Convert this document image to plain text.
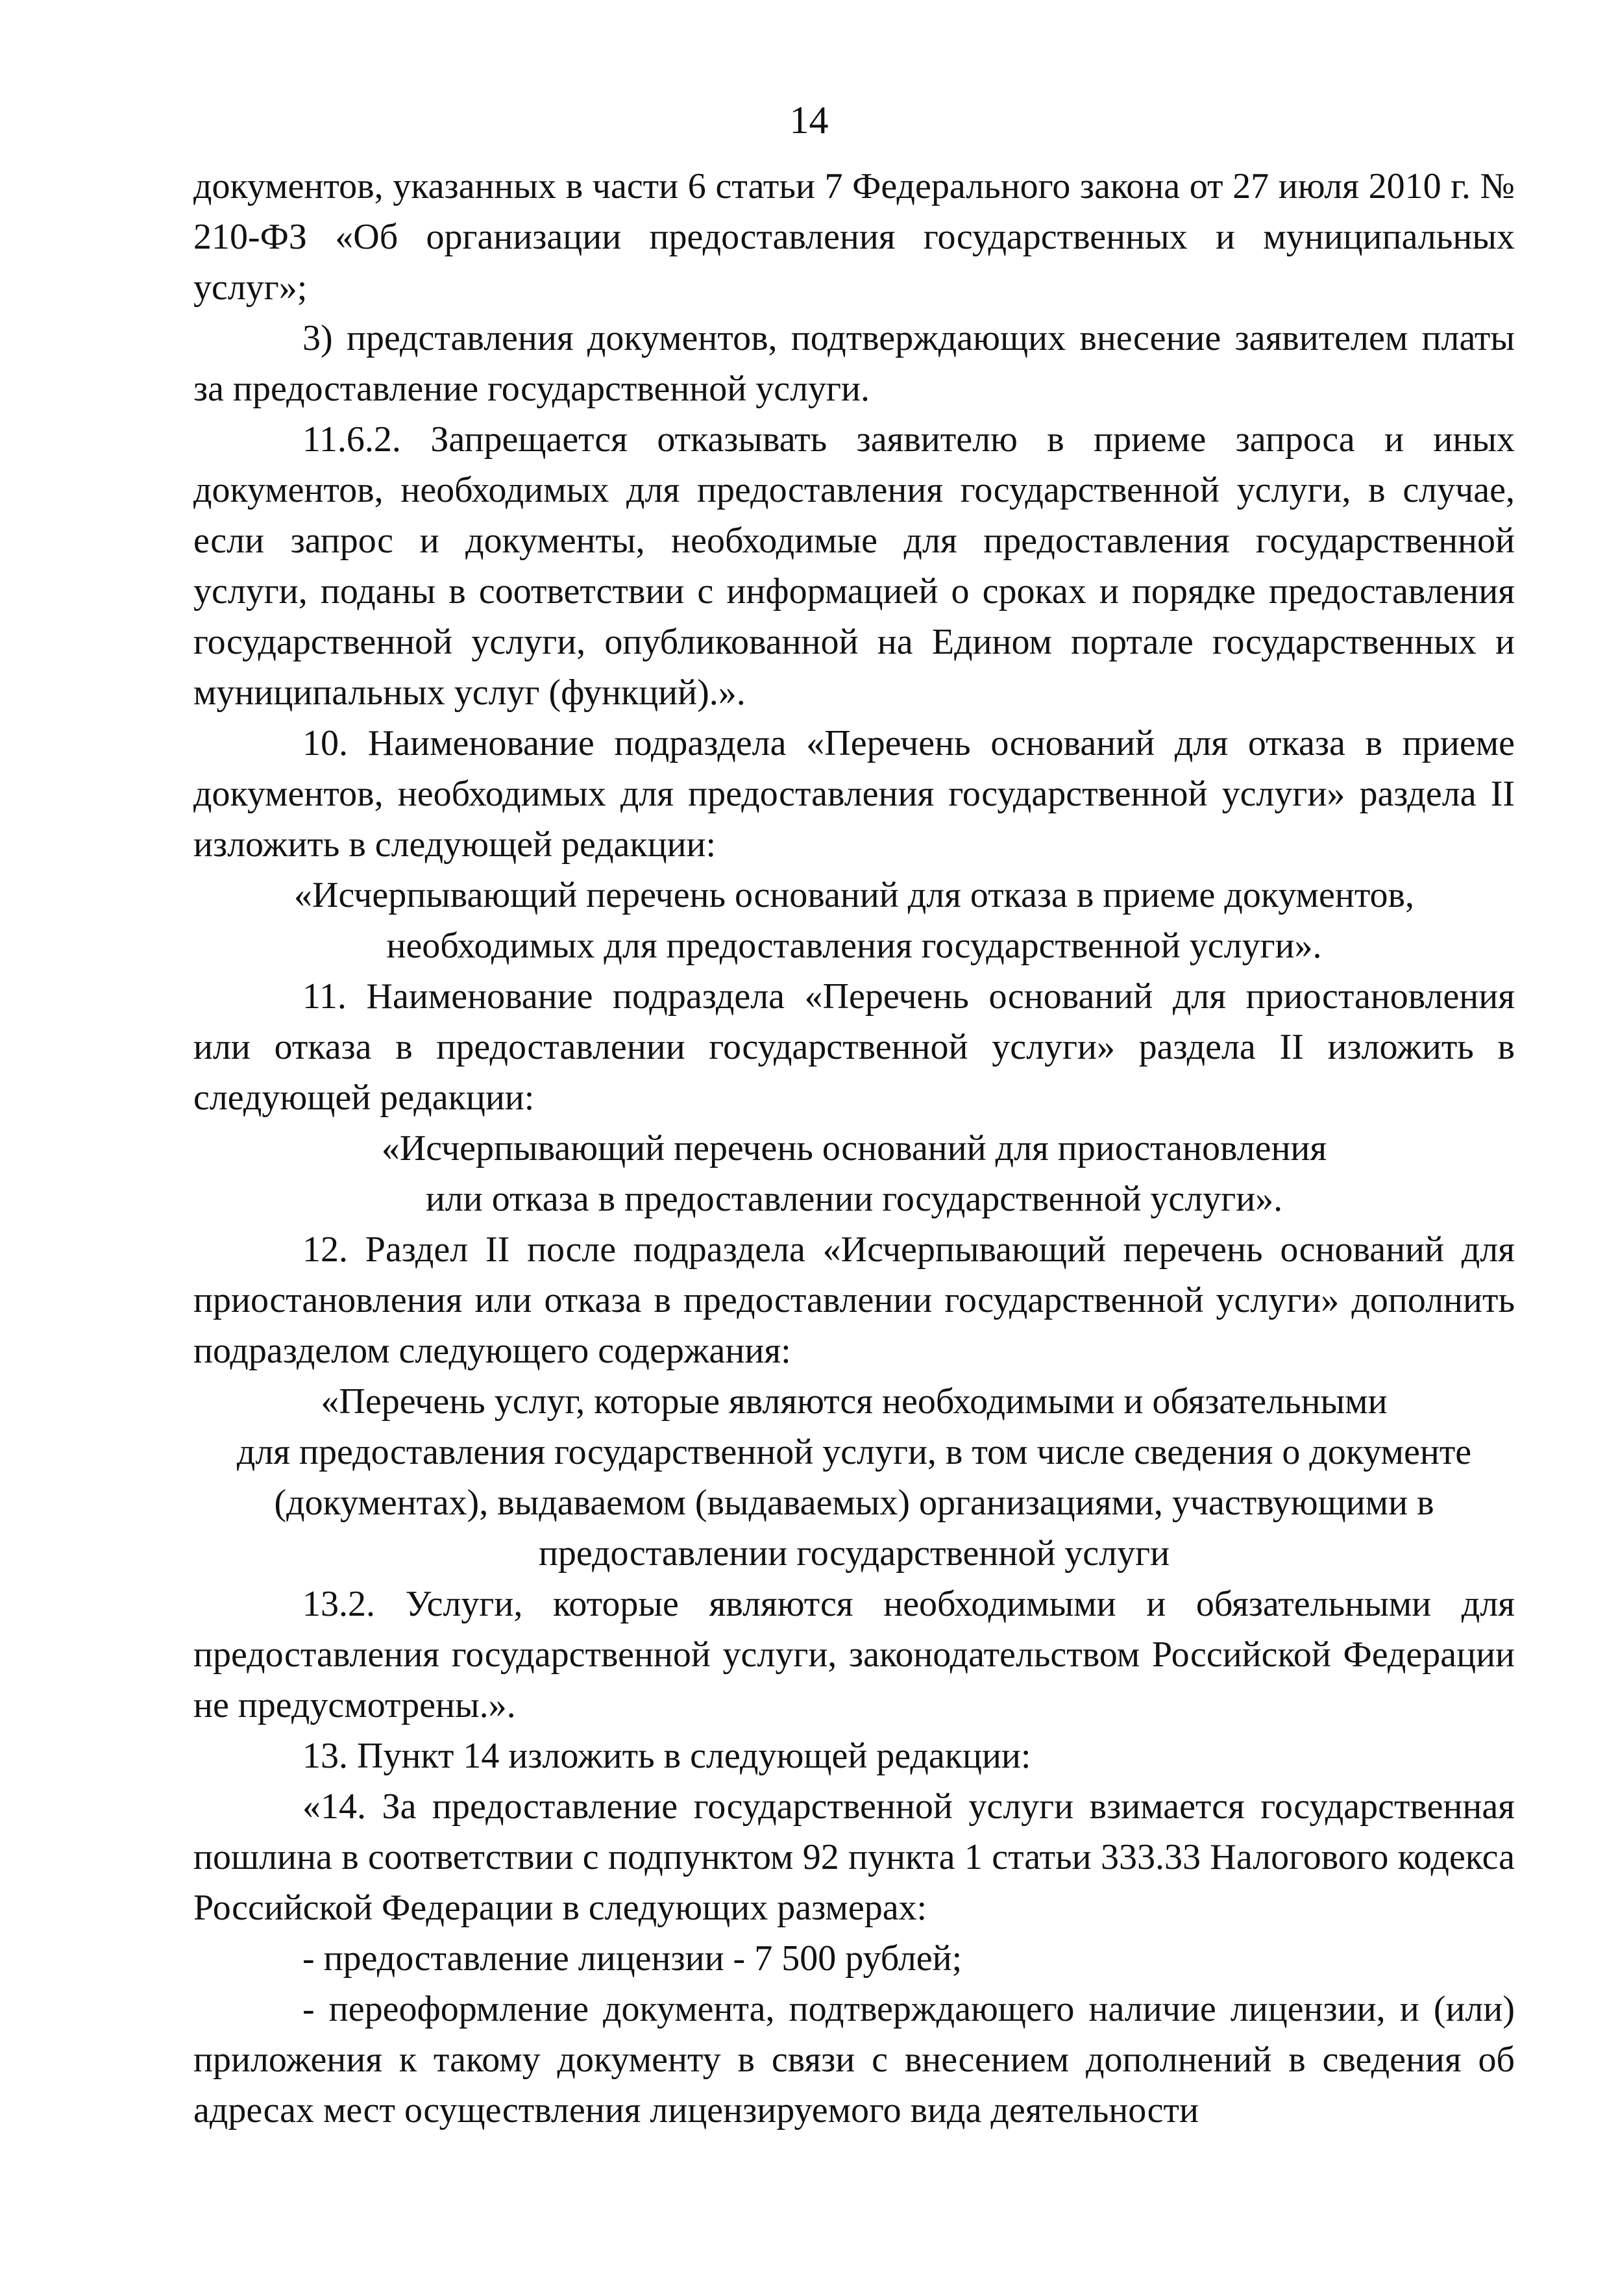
14

документов, указанных в части 6 статьи 7 Федерального закона от 27 июля 2010 г. № 210-ФЗ «Об организации предоставления государственных и муниципальных услуг»;

3) представления документов, подтверждающих внесение заявителем платы за предоставление государственной услуги.

11.6.2. Запрещается отказывать заявителю в приеме запроса и иных документов, необходимых для предоставления государственной услуги, в случае, если запрос и документы, необходимые для предоставления государственной услуги, поданы в соответствии с информацией о сроках и порядке предоставления государственной услуги, опубликованной на Едином портале государственных и муниципальных услуг (функций).».

10. Наименование подраздела «Перечень оснований для отказа в приеме документов, необходимых для предоставления государственной услуги» раздела II изложить в следующей редакции:

«Исчерпывающий перечень оснований для отказа в приеме документов,
необходимых для предоставления государственной услуги».

11. Наименование подраздела «Перечень оснований для приостановления или отказа в предоставлении государственной услуги» раздела II изложить в следующей редакции:

«Исчерпывающий перечень оснований для приостановления
или отказа в предоставлении государственной услуги».

12. Раздел II после подраздела «Исчерпывающий перечень оснований для приостановления или отказа в предоставлении государственной услуги» дополнить подразделом следующего содержания:

«Перечень услуг, которые являются необходимыми и обязательными
для предоставления государственной услуги, в том числе сведения о документе
(документах), выдаваемом (выдаваемых) организациями, участвующими в
предоставлении государственной услуги

13.2. Услуги, которые являются необходимыми и обязательными для предоставления государственной услуги, законодательством Российской Федерации не предусмотрены.».

13. Пункт 14 изложить в следующей редакции:

«14. За предоставление государственной услуги взимается государственная пошлина в соответствии с подпунктом 92 пункта 1 статьи 333.33 Налогового кодекса Российской Федерации в следующих размерах:

- предоставление лицензии - 7 500 рублей;

- переоформление документа, подтверждающего наличие лицензии, и (или) приложения к такому документу в связи с внесением дополнений в сведения об адресах мест осуществления лицензируемого вида деятельности
